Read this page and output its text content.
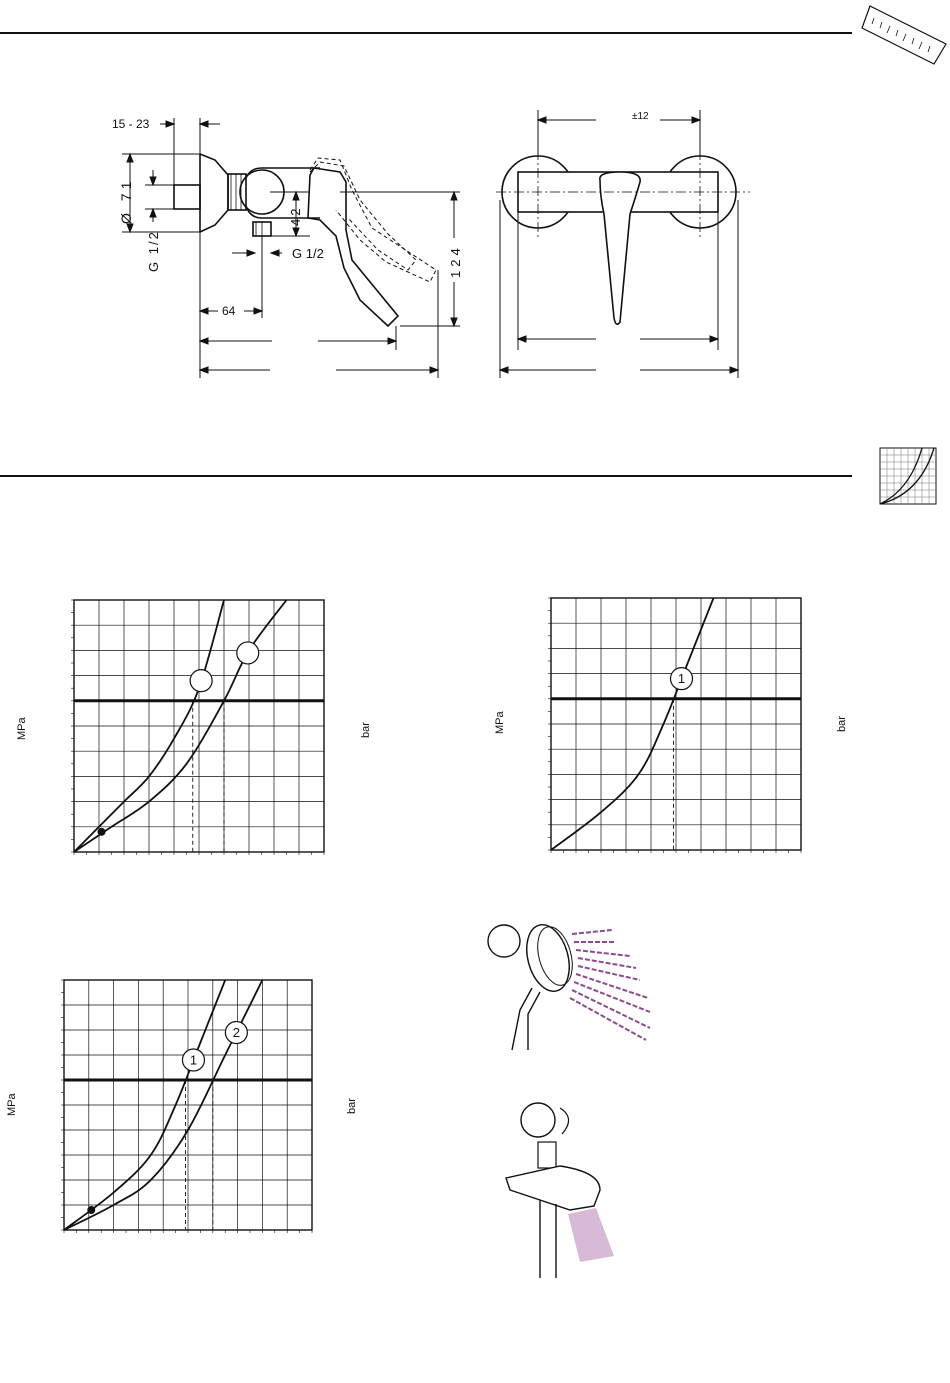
15 - 23
Ø 71
G 1/2	G 1/2
42
124
64
±12
1
1
2
MPa	bar	MPa	bar
MPa	bar
